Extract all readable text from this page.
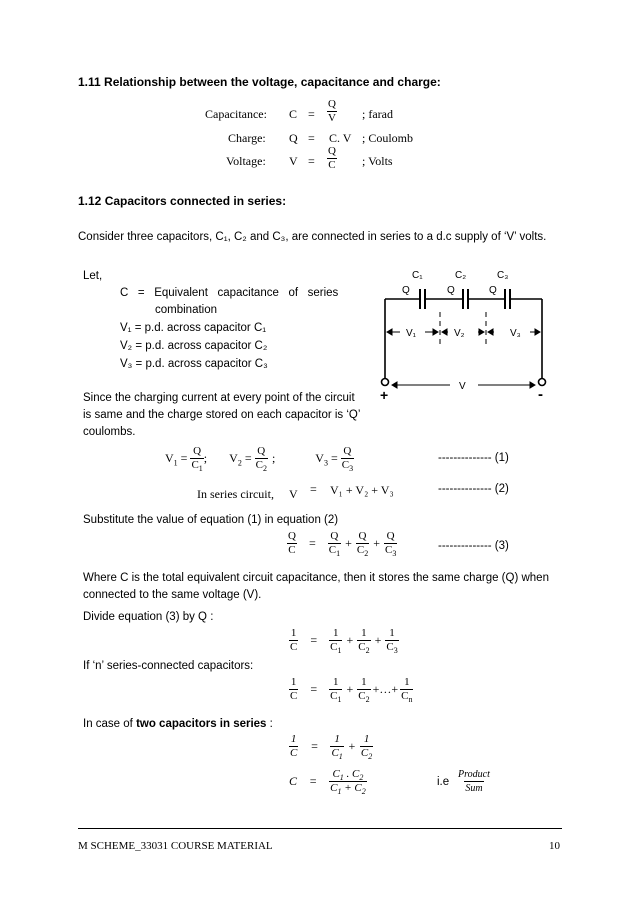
1.11 Relationship between the voltage, capacitance and charge:
Capacitance: $C = \frac{Q}{V}$ ; farad
Charge: Q = C. V ; Coulomb
Voltage: $V = \frac{Q}{C}$ ; Volts
1.12 Capacitors connected in series:
Consider three capacitors, C₁, C₂ and C₃, are connected in series to a d.c supply of ‘V’ volts.
Let,
C   =   Equivalent   capacitance   of   series
combination
V₁ = p.d. across capacitor C₁
V₂ = p.d. across capacitor C₂
V₃ = p.d. across capacitor C₃
C₁	C₂	C₃
Q	Q	Q
V₁	V₂	V₃
V
+	-
Since the charging current at every point of the circuit
is same and the charge stored on each capacitor is ‘Q’
coulombs.
$V_1 = \frac{Q}{C_1}$ ; $V_2 = \frac{Q}{C_2}$ ;	$V_3 = \frac{Q}{C_3}$	-------------- (1)
In series circuit, V = V₁ + V₂ + V₃	-------------- (2)
Substitute the value of equation (1) in equation (2)
$\frac{Q}{C}$	=	$\frac{Q}{C_1} + \frac{Q}{C_2} + \frac{Q}{C_3}$	-------------- (3)
Where C is the total equivalent circuit capacitance, then it stores the same charge (Q) when
connected to the same voltage (V).
Divide equation (3) by Q :
$\frac{1}{C}$	=	$\frac{1}{C_1} + \frac{1}{C_2} + \frac{1}{C_3}$
If ‘n’ series-connected capacitors:
$\frac{1}{C}$	=	$\frac{1}{C_1} + \frac{1}{C_2}$ +…+ $\frac{1}{C_n}$
In case of two capacitors in series :
$\frac{1}{C}$	=	$\frac{1}{C_1} + \frac{1}{C_2}$
C	=	$\frac{C_1 . C_2}{C_1 + C_2}$	$i.e \frac{\text{Product}}{\text{Sum}}$
M SCHEME_33031 COURSE MATERIAL	10
